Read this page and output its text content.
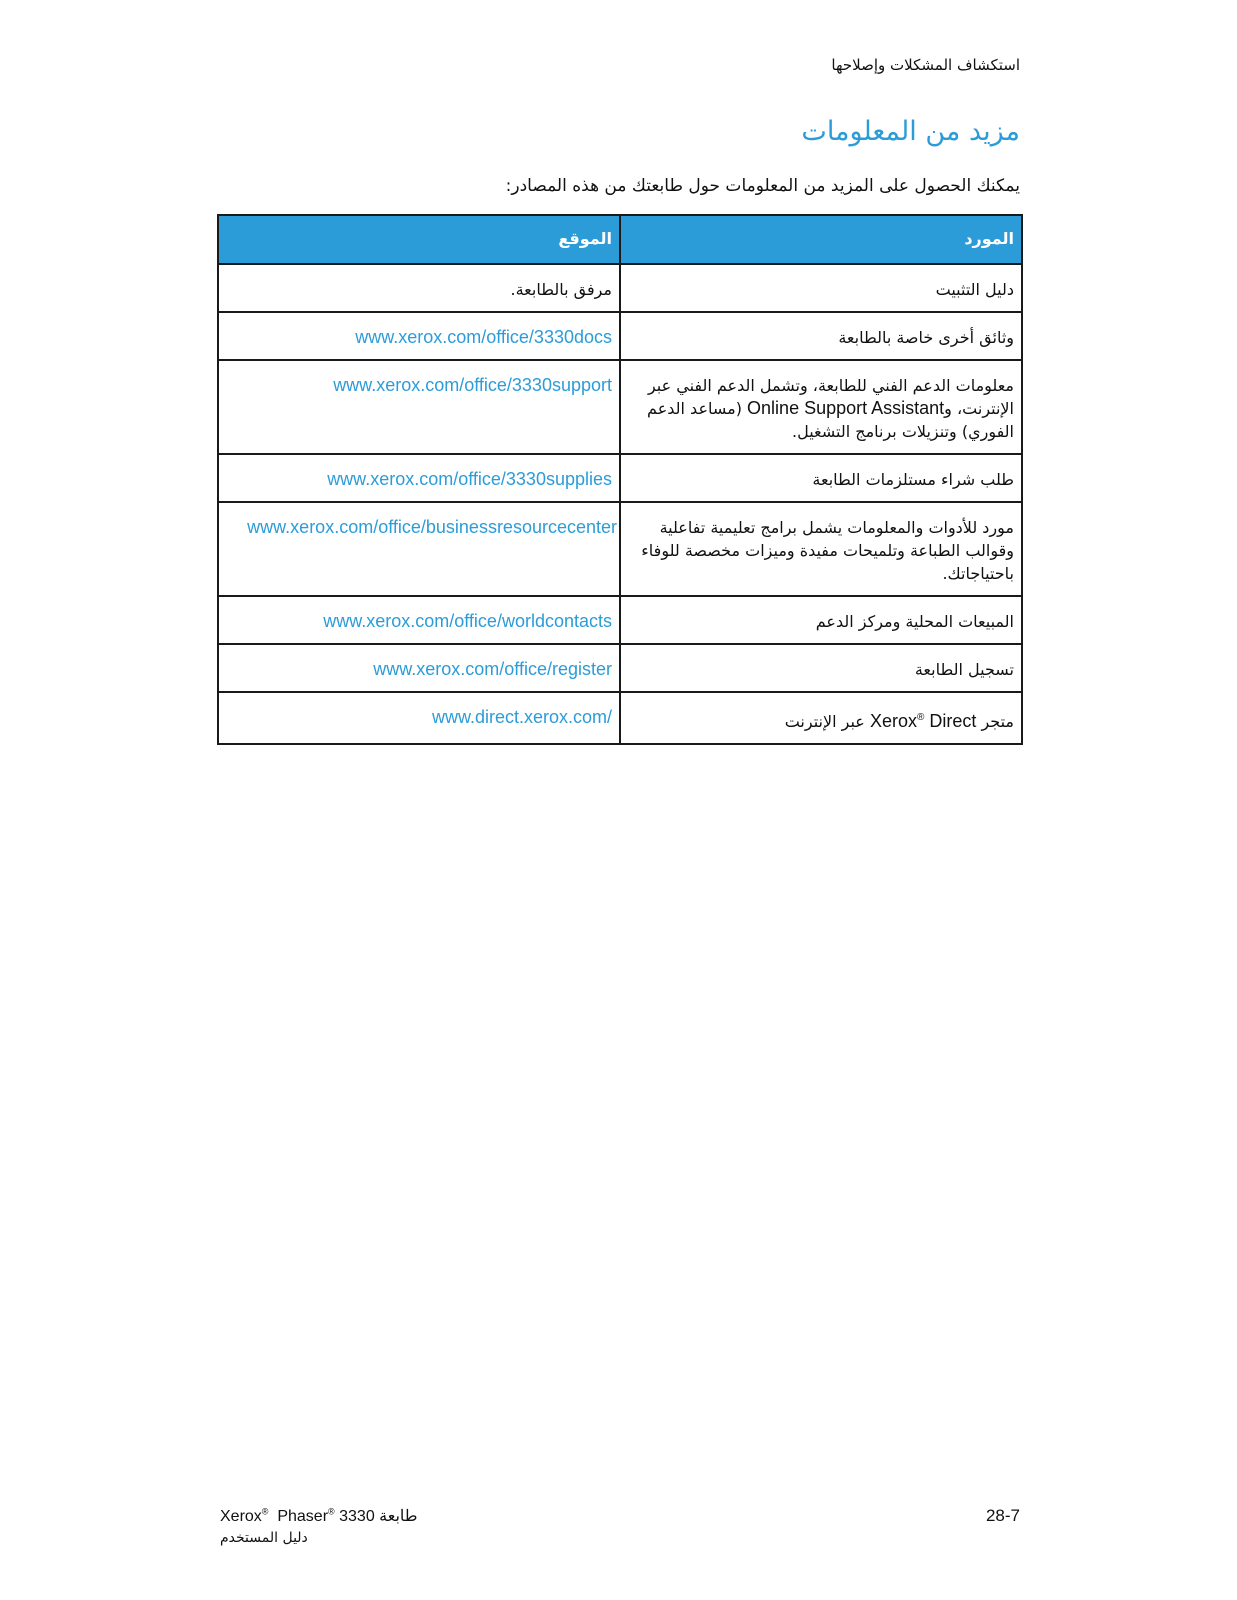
استكشاف المشكلات وإصلاحها
مزيد من المعلومات
يمكنك الحصول على المزيد من المعلومات حول طابعتك من هذه المصادر:
المورد	الموقع
دليل التثبيت	مرفق بالطابعة.
وثائق أخرى خاصة بالطابعة	www.xerox.com/office/3330docs
معلومات الدعم الفني للطابعة، وتشمل الدعم الفني عبر الإنترنت، وOnline Support Assistant (مساعد الدعم الفوري) وتنزيلات برنامج التشغيل.	www.xerox.com/office/3330support
طلب شراء مستلزمات الطابعة	www.xerox.com/office/3330supplies
مورد للأدوات والمعلومات يشمل برامج تعليمية تفاعلية وقوالب الطباعة وتلميحات مفيدة وميزات مخصصة للوفاء باحتياجاتك.	www.xerox.com/office/businessresourcecenter
المبيعات المحلية ومركز الدعم	www.xerox.com/office/worldcontacts
تسجيل الطابعة	www.xerox.com/office/register
متجر Xerox® Direct عبر الإنترنت	www.direct.xerox.com/
Xerox® Phaser® طابعة 3330
دليل المستخدم
28-7
